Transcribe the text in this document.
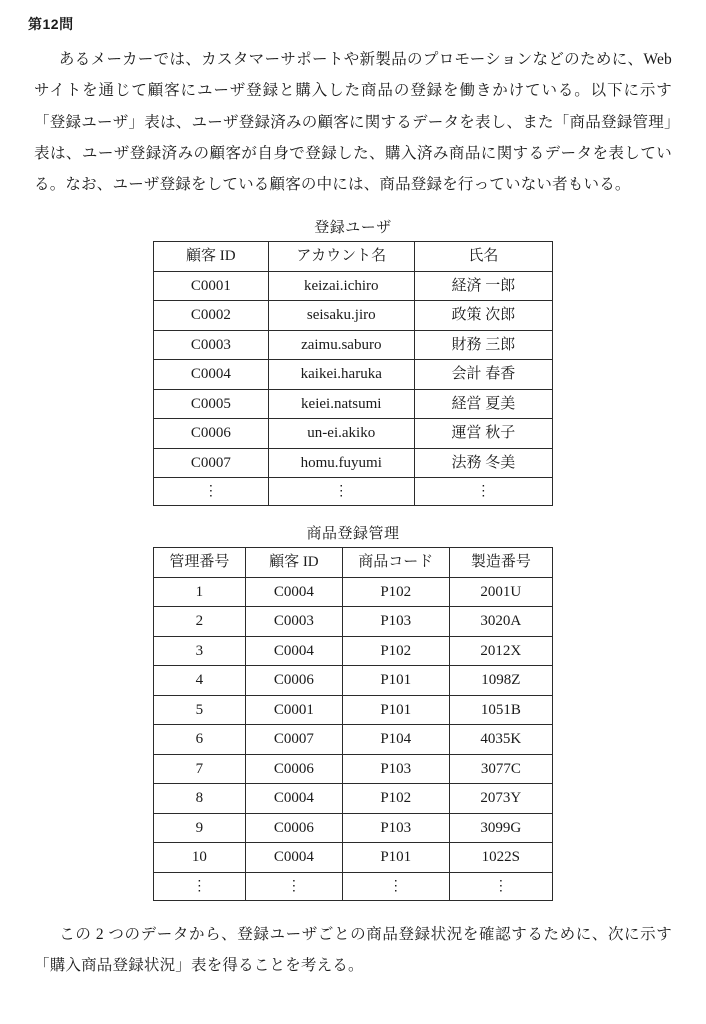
第12問

あるメーカーでは、カスタマーサポートや新製品のプロモーションなどのために、Web サイトを通じて顧客にユーザ登録と購入した商品の登録を働きかけている。以下に示す「登録ユーザ」表は、ユーザ登録済みの顧客に関するデータを表し、また「商品登録管理」表は、ユーザ登録済みの顧客が自身で登録した、購入済み商品に関するデータを表している。なお、ユーザ登録をしている顧客の中には、商品登録を行っていない者もいる。

登録ユーザ
顧客 ID	アカウント名	氏名
C0001	keizai.ichiro	経済 一郎
C0002	seisaku.jiro	政策 次郎
C0003	zaimu.saburo	財務 三郎
C0004	kaikei.haruka	会計 春香
C0005	keiei.natsumi	経営 夏美
C0006	un-ei.akiko	運営 秋子
C0007	homu.fuyumi	法務 冬美
⋮	⋮	⋮
商品登録管理
管理番号	顧客 ID	商品コード	製造番号
1	C0004	P102	2001U
2	C0003	P103	3020A
3	C0004	P102	2012X
4	C0006	P101	1098Z
5	C0001	P101	1051B
6	C0007	P104	4035K
7	C0006	P103	3077C
8	C0004	P102	2073Y
9	C0006	P103	3099G
10	C0004	P101	1022S
⋮	⋮	⋮	⋮

この 2 つのデータから、登録ユーザごとの商品登録状況を確認するために、次に示す「購入商品登録状況」表を得ることを考える。
